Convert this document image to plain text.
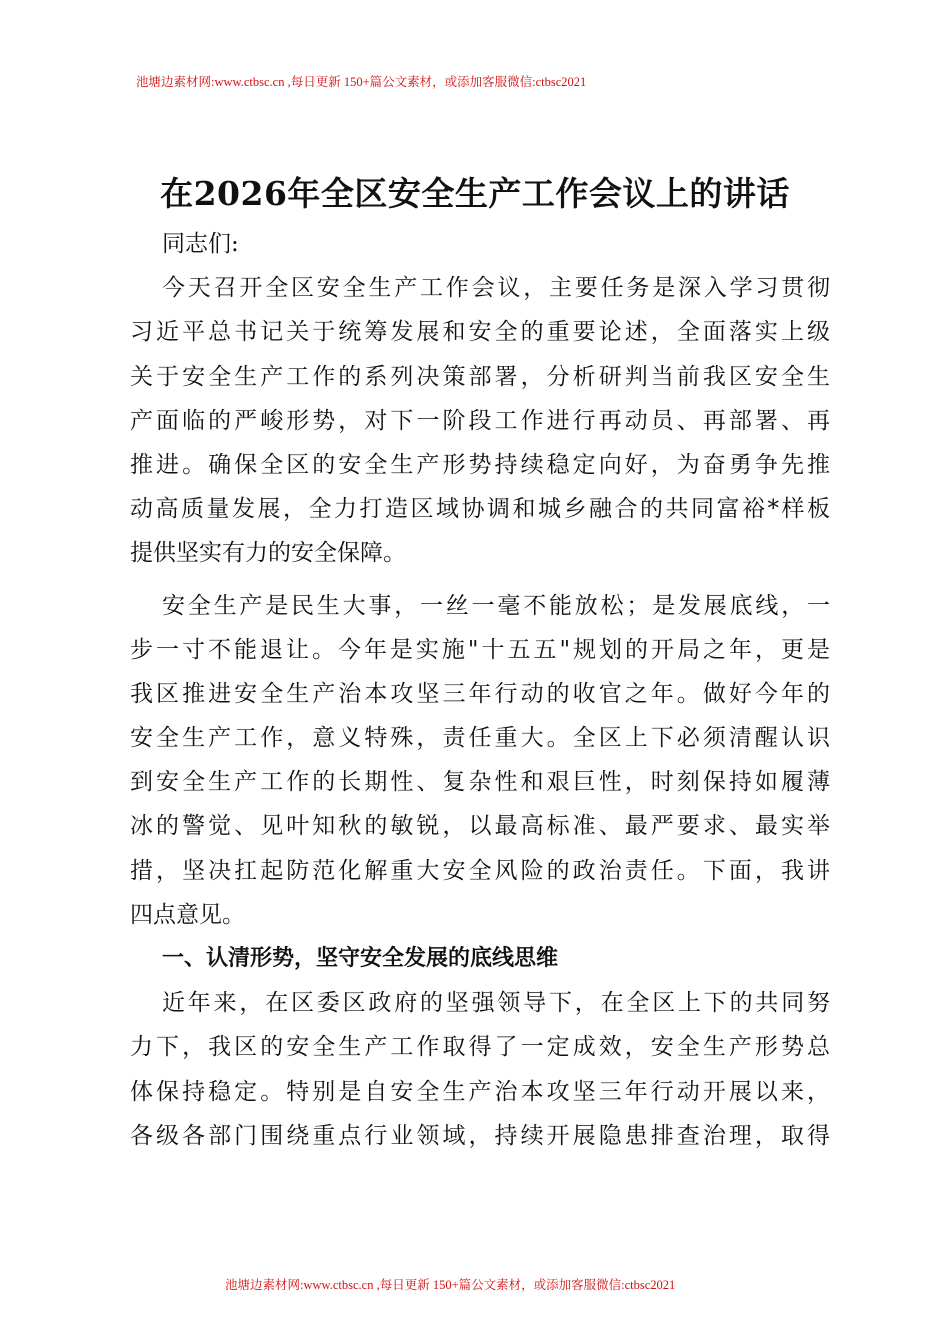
池塘边素材网:www.ctbsc.cn ,每日更新 150+篇公文素材，或添加客服微信:ctbsc2021
在2026年全区安全生产工作会议上的讲话
同志们:
今天召开全区安全生产工作会议，主要任务是深入学习贯彻
习近平总书记关于统筹发展和安全的重要论述，全面落实上级
关于安全生产工作的系列决策部署，分析研判当前我区安全生
产面临的严峻形势，对下一阶段工作进行再动员、再部署、再
推进。确保全区的安全生产形势持续稳定向好，为奋勇争先推
动高质量发展，全力打造区域协调和城乡融合的共同富裕*样板
提供坚实有力的安全保障。
安全生产是民生大事，一丝一毫不能放松；是发展底线，一
步一寸不能退让。今年是实施"十五五"规划的开局之年，更是
我区推进安全生产治本攻坚三年行动的收官之年。做好今年的
安全生产工作，意义特殊，责任重大。全区上下必须清醒认识
到安全生产工作的长期性、复杂性和艰巨性，时刻保持如履薄
冰的警觉、见叶知秋的敏锐，以最高标准、最严要求、最实举
措，坚决扛起防范化解重大安全风险的政治责任。下面，我讲
四点意见。
一、认清形势，坚守安全发展的底线思维
近年来，在区委区政府的坚强领导下，在全区上下的共同努
力下，我区的安全生产工作取得了一定成效，安全生产形势总
体保持稳定。特别是自安全生产治本攻坚三年行动开展以来，
各级各部门围绕重点行业领域，持续开展隐患排查治理，取得
池塘边素材网:www.ctbsc.cn ,每日更新 150+篇公文素材，或添加客服微信:ctbsc2021
